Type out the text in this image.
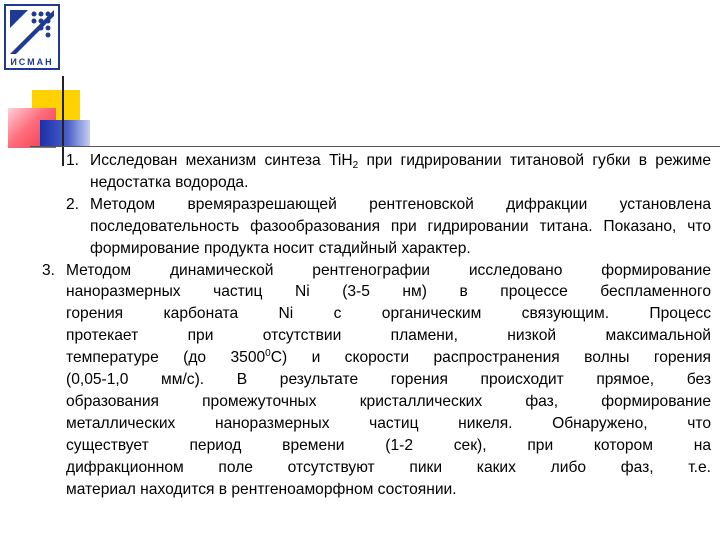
ИСМАН

1. Исследован механизм синтеза TiH$_2$ при гидрировании титановой губки в режиме недостатка водорода.

2. Методом времяразрешающей рентгеновской дифракции установлена последовательность фазообразования при гидрировании титана. Показано, что формирование продукта носит стадийный характер.

3. Методом динамической рентгенографии исследовано формирование
наноразмерных частиц Ni (3-5 нм) в процессе беспламенного
горения карбоната Ni с органическим связующим. Процесс
протекает при отсутствии пламени, низкой максимальной
температуре (до 3500$^0$С) и скорости распространения волны горения
(0,05-1,0 мм/с). В результате горения происходит прямое, без
образования промежуточных кристаллических фаз, формирование
металлических наноразмерных частиц никеля. Обнаружено, что
существует период времени (1-2 сек), при котором на
дифракционном поле отсутствуют пики каких либо фаз, т.е.
материал находится в рентгеноаморфном состоянии.
